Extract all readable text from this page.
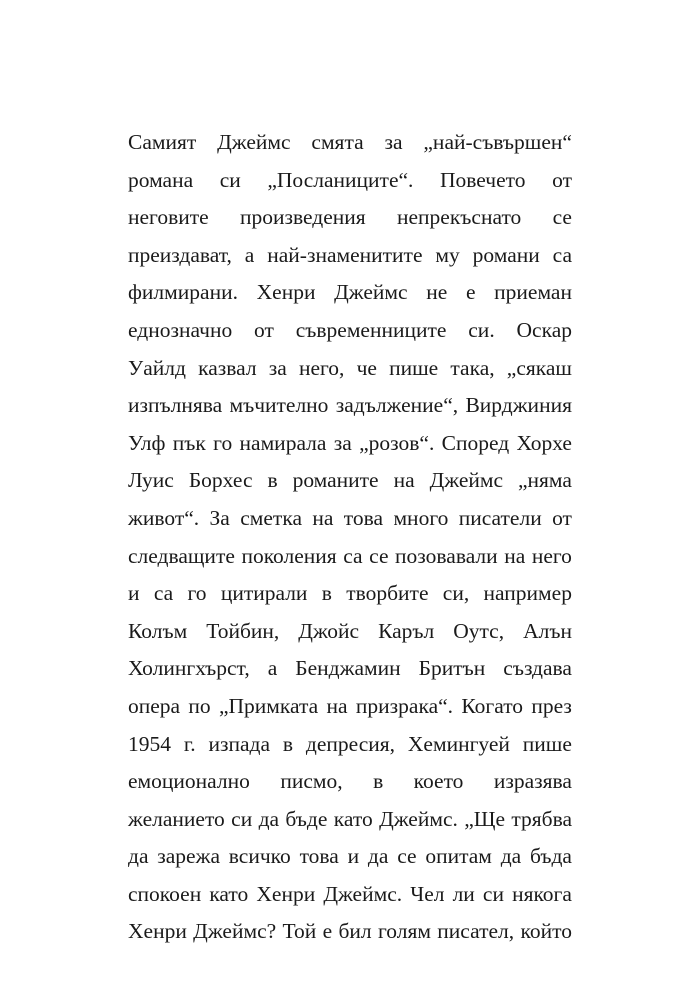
Самият Джеймс смята за „най-съвършен“
романа си „Посланиците“. Повечето от
неговите произведения непрекъснато се
преиздават, а най-знаменитите му романи са
филмирани. Хенри Джеймс не е приеман
еднозначно от съвременниците си. Оскар
Уайлд казвал за него, че пише така, „сякаш
изпълнява мъчително задължение“, Вирджиния
Улф пък го намирала за „розов“. Според Хорхе
Луис Борхес в романите на Джеймс „няма
живот“. За сметка на това много писатели от
следващите поколения са се позовавали на него
и са го цитирали в творбите си, например
Колъм Тойбин, Джойс Каръл Оутс, Алън
Холингхърст, а Бенджамин Бритън създава
опера по „Примката на призрака“. Когато през
1954 г. изпада в депресия, Хемингуей пише
емоционално писмо, в което изразява
желанието си да бъде като Джеймс. „Ще трябва
да зарежа всичко това и да се опитам да бъда
спокоен като Хенри Джеймс. Чел ли си някога
Хенри Джеймс? Той е бил голям писател, който
